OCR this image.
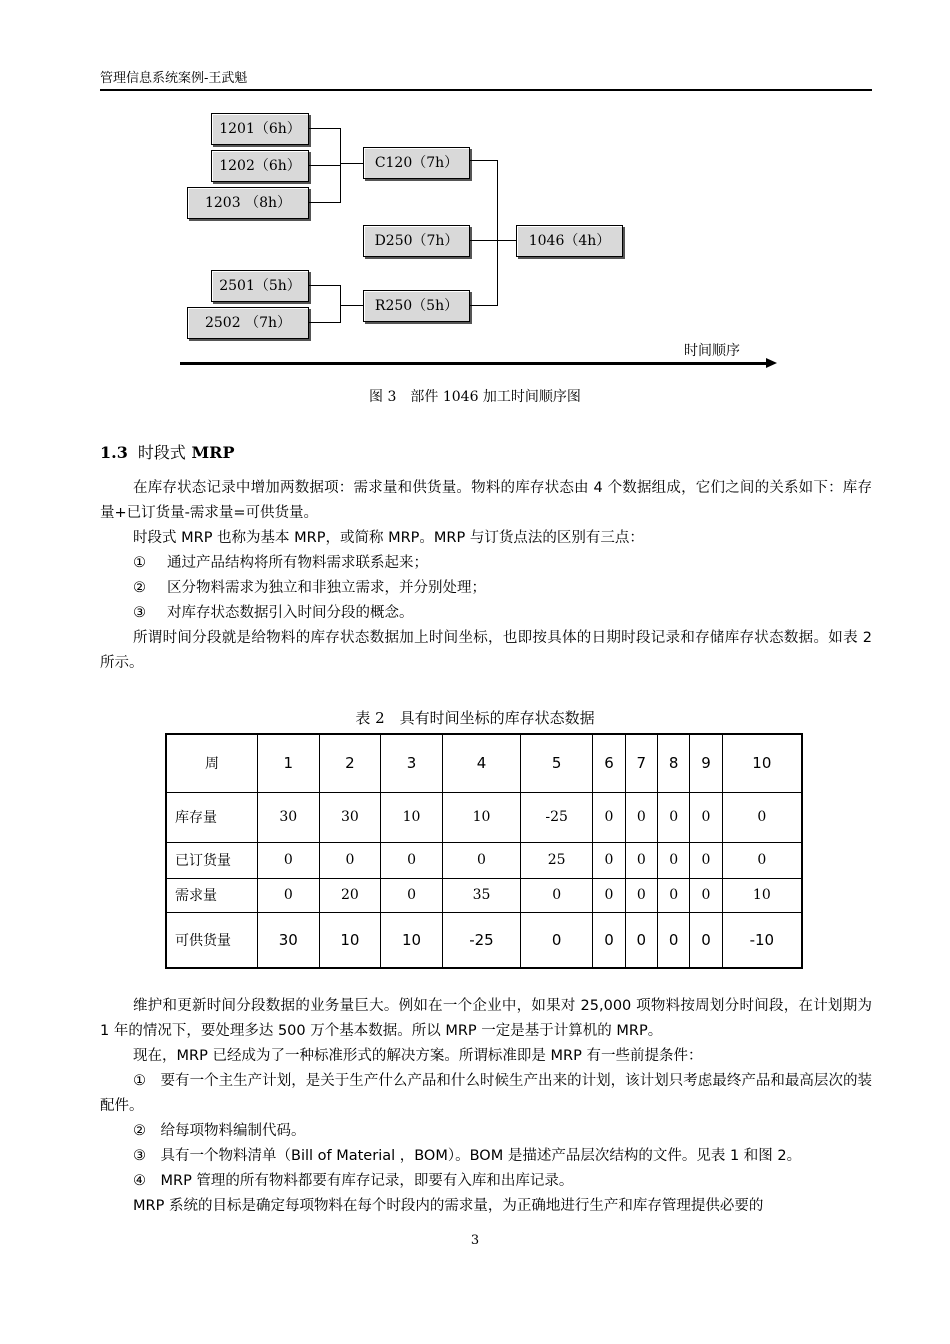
管理信息系统案例-王武魁
1201（6h）
1202（6h）
1203 （8h）
C120（7h）
D250（7h）	1046（4h）
2501（5h）
2502 （7h）
R250（5h）
时间顺序
图 3　部件 1046 加工时间顺序图
1.3 时段式 MRP
在库存状态记录中增加两数据项：需求量和供货量。物料的库存状态由 4 个数据组成，它们之间的关系如下：库存量+已订货量-需求量=可供货量。
时段式 MRP 也称为基本 MRP，或简称 MRP。MRP 与订货点法的区别有三点：
① 通过产品结构将所有物料需求联系起来；
② 区分物料需求为独立和非独立需求，并分别处理；
③ 对库存状态数据引入时间分段的概念。
所谓时间分段就是给物料的库存状态数据加上时间坐标，也即按具体的日期时段记录和存储库存状态数据。如表 2 所示。
表 2　具有时间坐标的库存状态数据
周	1	2	3	4	5	6	7	8	9	10
库存量	30	30	10	10	-25	0	0	0	0	0
已订货量	0	0	0	0	25	0	0	0	0	0
需求量	0	20	0	35	0	0	0	0	0	10
可供货量	30	10	10	-25	0	0	0	0	0	-10
维护和更新时间分段数据的业务量巨大。例如在一个企业中，如果对 25,000 项物料按周划分时间段，在计划期为 1 年的情况下，要处理多达 500 万个基本数据。所以 MRP 一定是基于计算机的 MRP。
现在，MRP 已经成为了一种标准形式的解决方案。所谓标准即是 MRP 有一些前提条件：
①　要有一个主生产计划，是关于生产什么产品和什么时候生产出来的计划，该计划只考虑最终产品和最高层次的装配件。
②　给每项物料编制代码。
③　具有一个物料清单（Bill of Material ，BOM）。BOM 是描述产品层次结构的文件。见表 1 和图 2。
④　MRP 管理的所有物料都要有库存记录，即要有入库和出库记录。
MRP 系统的目标是确定每项物料在每个时段内的需求量，为正确地进行生产和库存管理提供必要的
3
